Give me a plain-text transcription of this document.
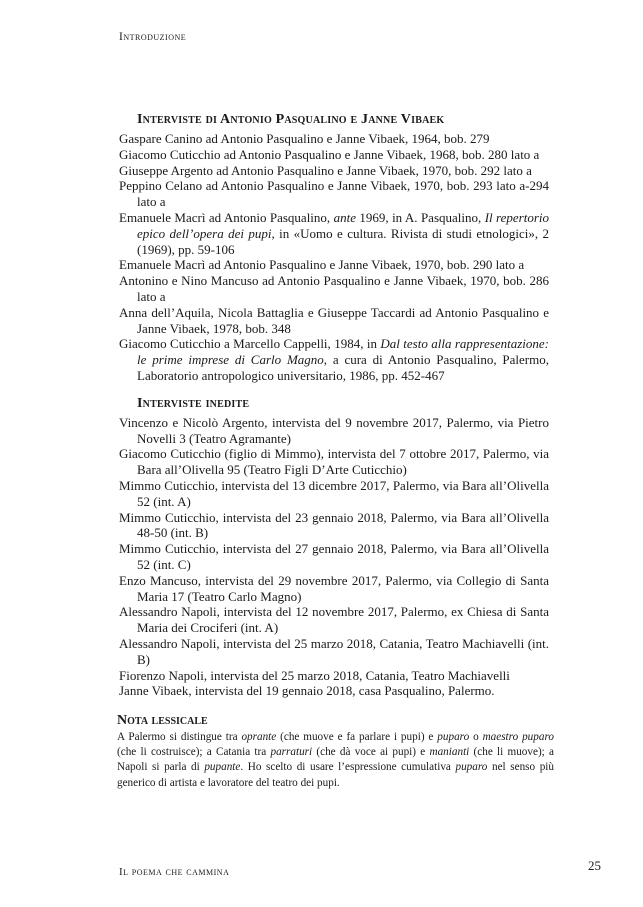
Introduzione
Interviste di Antonio Pasqualino e Janne Vibaek
Gaspare Canino ad Antonio Pasqualino e Janne Vibaek, 1964, bob. 279
Giacomo Cuticchio ad Antonio Pasqualino e Janne Vibaek, 1968, bob. 280 lato a
Giuseppe Argento ad Antonio Pasqualino e Janne Vibaek, 1970, bob. 292 lato a
Peppino Celano ad Antonio Pasqualino e Janne Vibaek, 1970, bob. 293 lato a-294 lato a
Emanuele Macrì ad Antonio Pasqualino, ante 1969, in A. Pasqualino, Il repertorio epico dell’opera dei pupi, in «Uomo e cultura. Rivista di studi etnologici», 2 (1969), pp. 59-106
Emanuele Macrì ad Antonio Pasqualino e Janne Vibaek, 1970, bob. 290 lato a
Antonino e Nino Mancuso ad Antonio Pasqualino e Janne Vibaek, 1970, bob. 286 lato a
Anna dell’Aquila, Nicola Battaglia e Giuseppe Taccardi ad Antonio Pasqualino e Janne Vibaek, 1978, bob. 348
Giacomo Cuticchio a Marcello Cappelli, 1984, in Dal testo alla rappresentazione: le prime imprese di Carlo Magno, a cura di Antonio Pasqualino, Palermo, Laboratorio antropologico universitario, 1986, pp. 452-467
Interviste inedite
Vincenzo e Nicolò Argento, intervista del 9 novembre 2017, Palermo, via Pietro Novelli 3 (Teatro Agramante)
Giacomo Cuticchio (figlio di Mimmo), intervista del 7 ottobre 2017, Palermo, via Bara all’Olivella 95 (Teatro Figli D’Arte Cuticchio)
Mimmo Cuticchio, intervista del 13 dicembre 2017, Palermo, via Bara all’Olivella 52 (int. A)
Mimmo Cuticchio, intervista del 23 gennaio 2018, Palermo, via Bara all’Olivella 48-50 (int. B)
Mimmo Cuticchio, intervista del 27 gennaio 2018, Palermo, via Bara all’Olivella 52 (int. C)
Enzo Mancuso, intervista del 29 novembre 2017, Palermo, via Collegio di Santa Maria 17 (Teatro Carlo Magno)
Alessandro Napoli, intervista del 12 novembre 2017, Palermo, ex Chiesa di Santa Maria dei Crociferi (int. A)
Alessandro Napoli, intervista del 25 marzo 2018, Catania, Teatro Machiavelli (int. B)
Fiorenzo Napoli, intervista del 25 marzo 2018, Catania, Teatro Machiavelli
Janne Vibaek, intervista del 19 gennaio 2018, casa Pasqualino, Palermo.
Nota lessicale
A Palermo si distingue tra oprante (che muove e fa parlare i pupi) e puparo o maestro puparo (che li costruisce); a Catania tra parraturi (che dà voce ai pupi) e manianti (che li muove); a Napoli si parla di pupante. Ho scelto di usare l’espressione cumulativa puparo nel senso più generico di artista e lavoratore del teatro dei pupi.
Il poema che cammina	25
